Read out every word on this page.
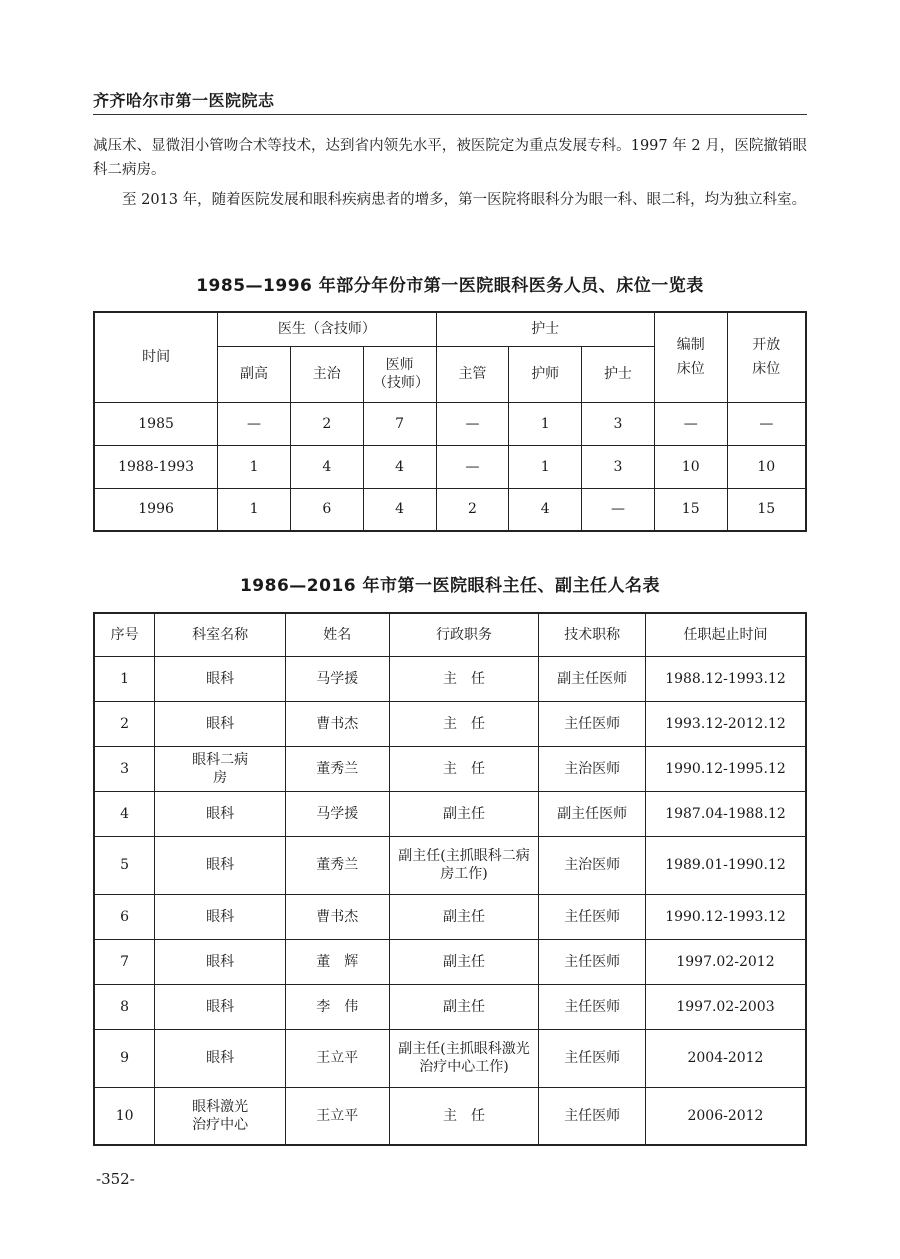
齐齐哈尔市第一医院院志

减压术、显微泪小管吻合术等技术，达到省内领先水平，被医院定为重点发展专科。1997 年 2 月，医院撤销眼科二病房。

至 2013 年，随着医院发展和眼科疾病患者的增多，第一医院将眼科分为眼一科、眼二科，均为独立科室。

1985—1996 年部分年份市第一医院眼科医务人员、床位一览表
时间	医生（含技师）			护士			编制床位	开放床位

	副高	主治	医师（技师）	主管	护师	护士		
1985	—	2	7	—	1	3	—	—
1988-1993	1	4	4	—	1	3	10	10
1996	1	6	4	2	4	—	15	15
1986—2016 年市第一医院眼科主任、副主任人名表
序号	科室名称	姓名	行政职务	技术职称	任职起止时间
1	眼科	马学援	主　任	副主任医师	1988.12-1993.12
2	眼科	曹书杰	主　任	主任医师	1993.12-2012.12
3	眼科二病房	董秀兰	主　任	主治医师	1990.12-1995.12
4	眼科	马学援	副主任	副主任医师	1987.04-1988.12
5	眼科	董秀兰	副主任(主抓眼科二病房工作)	主治医师	1989.01-1990.12
6	眼科	曹书杰	副主任	主任医师	1990.12-1993.12
7	眼科	董　辉	副主任	主任医师	1997.02-2012
8	眼科	李　伟	副主任	主任医师	1997.02-2003
9	眼科	王立平	副主任(主抓眼科激光治疗中心工作)	主任医师	2004-2012
10	眼科激光治疗中心	王立平	主　任	主任医师	2006-2012
-352-
